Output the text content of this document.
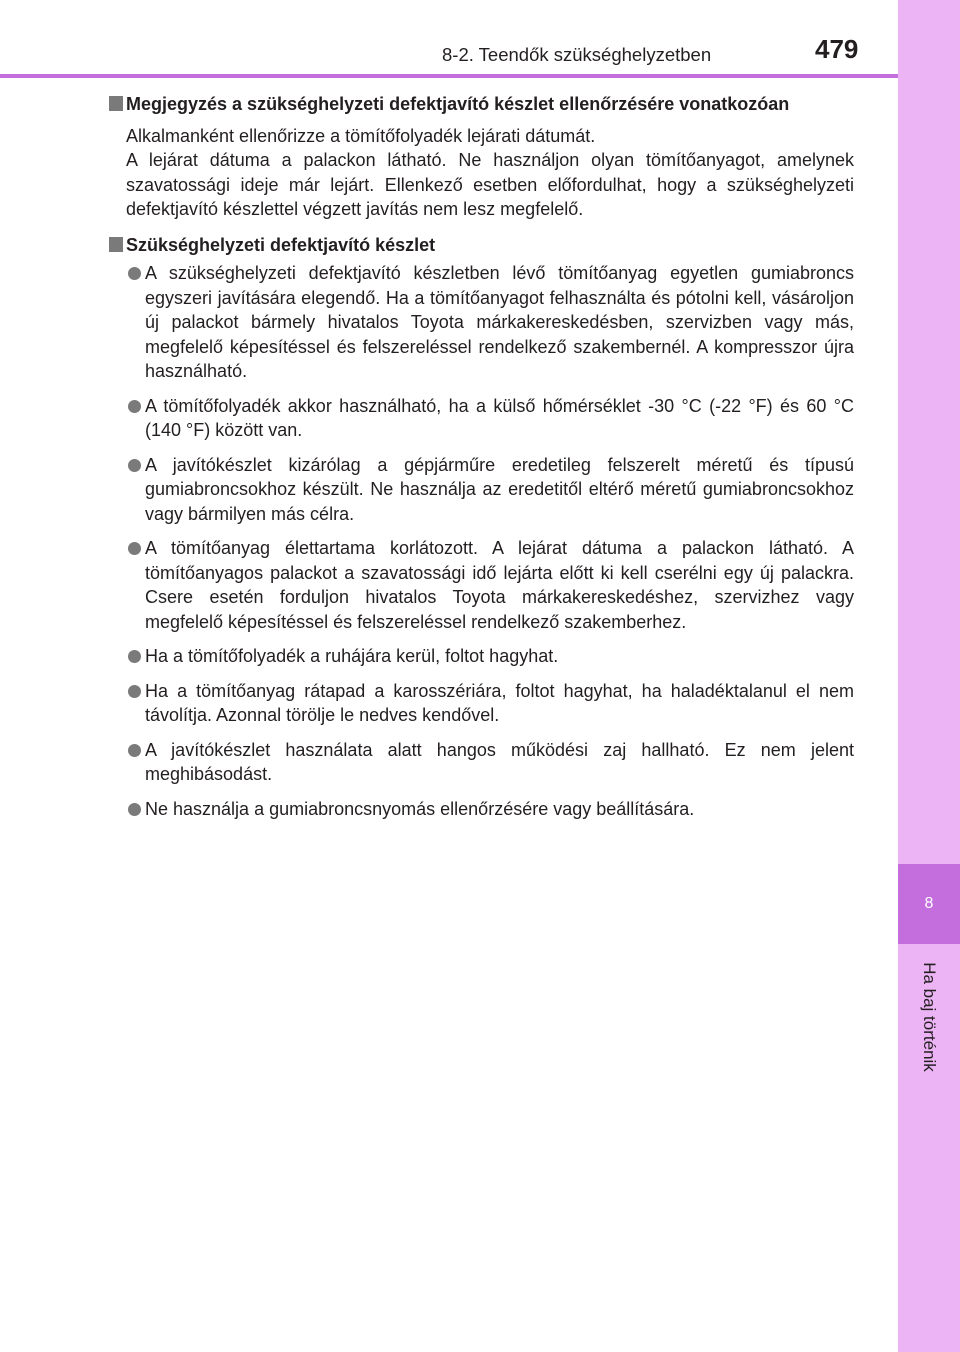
8
Ha baj történik
8-2. Teendők szükséghelyzetben	479
Megjegyzés a szükséghelyzeti defektjavító készlet ellenőrzésére vonatkozóan
Alkalmanként ellenőrizze a tömítőfolyadék lejárati dátumát.
A lejárat dátuma a palackon látható. Ne használjon olyan tömítőanyagot, amelynek szavatossági ideje már lejárt. Ellenkező esetben előfordulhat, hogy a szükséghelyzeti defektjavító készlettel végzett javítás nem lesz megfelelő.
Szükséghelyzeti defektjavító készlet
A szükséghelyzeti defektjavító készletben lévő tömítőanyag egyetlen gumiabroncs egyszeri javítására elegendő. Ha a tömítőanyagot felhasználta és pótolni kell, vásároljon új palackot bármely hivatalos Toyota márkakereskedésben, szervizben vagy más, megfelelő képesítéssel és felszereléssel rendelkező szakembernél. A kompresszor újra használható.
A tömítőfolyadék akkor használható, ha a külső hőmérséklet -30 °C (-22 °F) és 60 °C (140 °F) között van.
A javítókészlet kizárólag a gépjárműre eredetileg felszerelt méretű és típusú gumiabroncsokhoz készült. Ne használja az eredetitől eltérő méretű gumiabroncsokhoz vagy bármilyen más célra.
A tömítőanyag élettartama korlátozott. A lejárat dátuma a palackon látható. A tömítőanyagos palackot a szavatossági idő lejárta előtt ki kell cserélni egy új palackra. Csere esetén forduljon hivatalos Toyota márkakereskedéshez, szervizhez vagy megfelelő képesítéssel és felszereléssel rendelkező szakemberhez.
Ha a tömítőfolyadék a ruhájára kerül, foltot hagyhat.
Ha a tömítőanyag rátapad a karosszériára, foltot hagyhat, ha haladéktalanul el nem távolítja. Azonnal törölje le nedves kendővel.
A javítókészlet használata alatt hangos működési zaj hallható. Ez nem jelent meghibásodást.
Ne használja a gumiabroncsnyomás ellenőrzésére vagy beállítására.
